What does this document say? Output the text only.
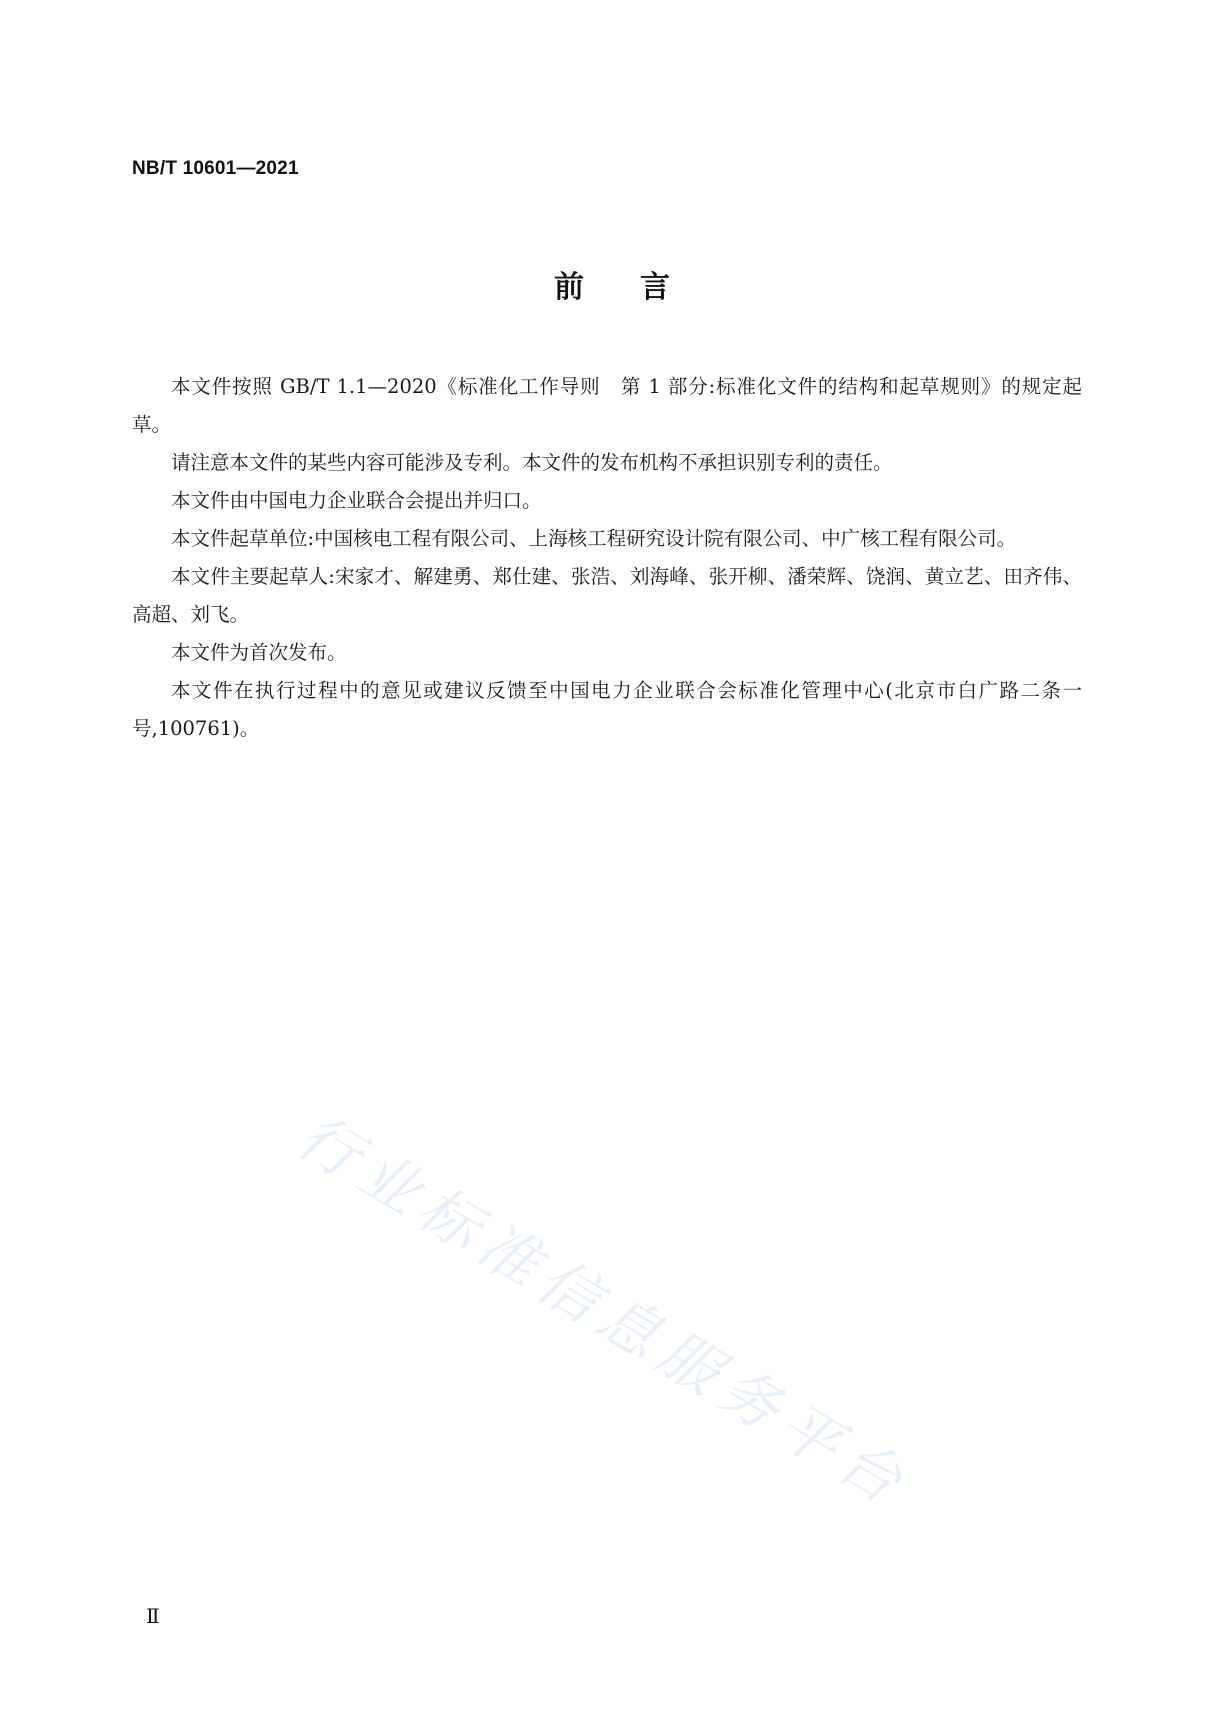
NB/T 10601—2021
前言

本文件按照 GB/T 1.1—2020《标准化工作导则　第 1 部分:标准化文件的结构和起草规则》的规定起草。

请注意本文件的某些内容可能涉及专利。本文件的发布机构不承担识别专利的责任。

本文件由中国电力企业联合会提出并归口。

本文件起草单位:中国核电工程有限公司、上海核工程研究设计院有限公司、中广核工程有限公司。

本文件主要起草人:宋家才、解建勇、郑仕建、张浩、刘海峰、张开柳、潘荣辉、饶润、黄立艺、田齐伟、高超、刘飞。

本文件为首次发布。

本文件在执行过程中的意见或建议反馈至中国电力企业联合会标准化管理中心(北京市白广路二条一号,100761)。

行业标准信息服务平台
Ⅱ
